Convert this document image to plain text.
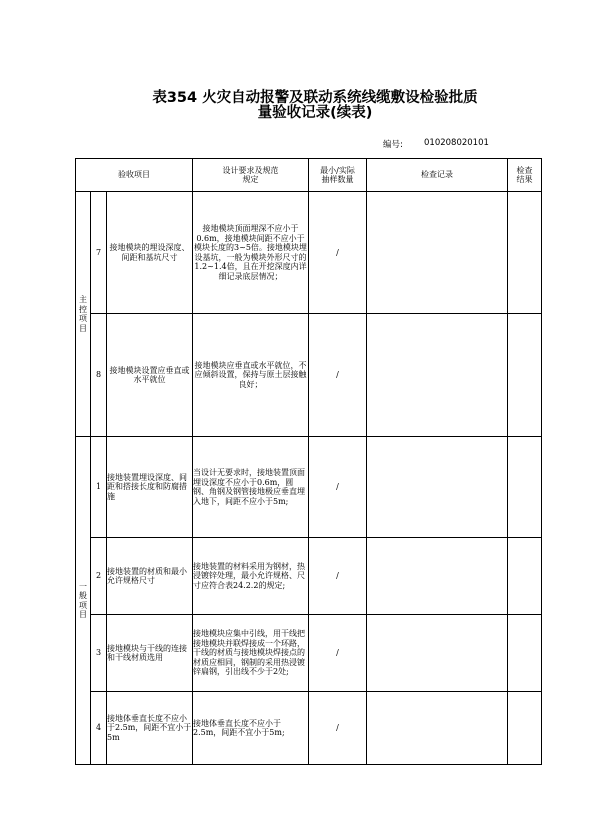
表354 火灾自动报警及联动系统线缆敷设检验批质
量验收记录(续表)
编号: 010208020101
验收项目			设计要求及规范规定	最小/实际抽样数量	检查记录	检查结果

主控项目	7	接地模块的埋设深度、间距和基坑尺寸	接地模块顶面埋深不应小于0.6m，接地模块间距不应小于模块长度的3~5倍。接地模块埋设基坑，一般为模块外形尺寸的1.2~1.4倍，且在开挖深度内详细记录底层情况；	/		
	8	接地模块设置应垂直或水平就位	接地模块应垂直或水平就位，不应倾斜设置，保持与原土层接触良好；	/		
一般项目	1	接地装置埋设深度、间距和搭接长度和防腐措施	当设计无要求时，接地装置顶面埋设深度不应小于0.6m，圆钢、角钢及钢管接地极应垂直埋入地下，间距不应小于5m;	/		
	2	接地装置的材质和最小允许规格尺寸	接地装置的材料采用为钢材，热浸镀锌处理，最小允许规格、尺寸应符合表24.2.2的规定;	/		
	3	接地模块与干线的连接和干线材质选用	接地模块应集中引线，用干线把接地模块并联焊接成一个环路，干线的材质与接地模块焊接点的材质应相同，钢制的采用热浸镀锌扁钢，引出线不少于2处;	/		
	4	接地体垂直长度不应小于2.5m，间距不宜小于5m	接地体垂直长度不应小于2.5m，间距不宜小于5m;	/		
